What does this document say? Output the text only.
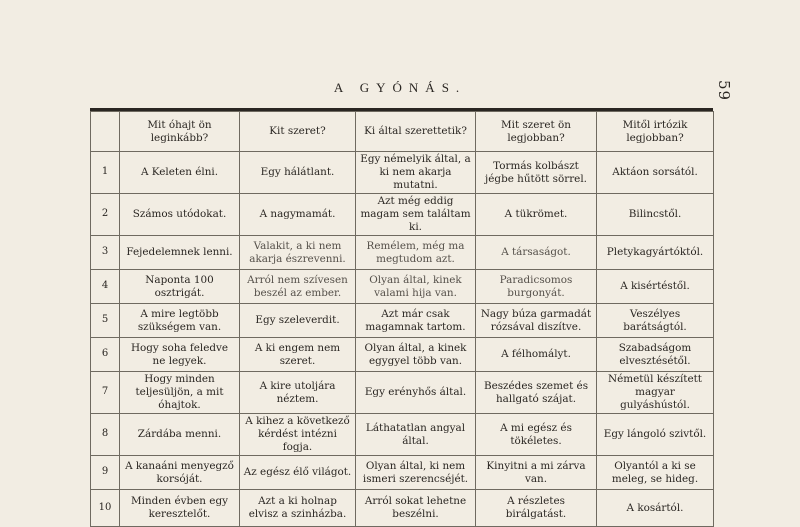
59
A GYÓNÁS.
	Mit óhajt ön leginkább?	Kit szeret?	Ki által szerettetik?	Mit szeret ön legjobban?	Mitől irtózik legjobban?
1	A Keleten élni.	Egy hálátlant.	Egy némelyik által, a ki nem akarja mutatni.	Tormás kolbászt jégbe hűtött sörrel.	Aktáon sorsától.
2	Számos utódokat.	A nagymamát.	Azt még eddig magam sem találtam ki.	A tükrömet.	Bilincstől.
3	Fejedelemnek lenni.	Valakit, a ki nem akarja észrevenni.	Remélem, még ma megtudom azt.	A társaságot.	Pletykagyártóktól.
4	Naponta 100 osztrigát.	Arról nem szívesen beszél az ember.	Olyan által, kinek valami hija van.	Paradicsomos burgonyát.	A kisértéstől.
5	A mire legtöbb szükségem van.	Egy szeleverdit.	Azt már csak magamnak tartom.	Nagy búza garmadát rózsával diszítve.	Veszélyes barátságtól.
6	Hogy soha feledve ne legyek.	A ki engem nem szeret.	Olyan által, a kinek egygyel több van.	A félhomályt.	Szabadságom elvesztésétől.
7	Hogy minden teljesüljön, a mit óhajtok.	A kire utoljára néztem.	Egy erényhős által.	Beszédes szemet és hallgató szájat.	Németül készített magyar gulyáshústól.
8	Zárdába menni.	A kihez a következő kérdést intézni fogja.	Láthatatlan angyal által.	A mi egész és tökéletes.	Egy lángoló szivtől.
9	A kanaáni menyegző korsóját.	Az egész élő világot.	Olyan által, ki nem ismeri szerencséjét.	Kinyitni a mi zárva van.	Olyantól a ki se meleg, se hideg.
10	Minden évben egy keresztelőt.	Azt a ki holnap elvisz a szinházba.	Arról sokat lehetne beszélni.	A részletes birálgatást.	A kosártól.
